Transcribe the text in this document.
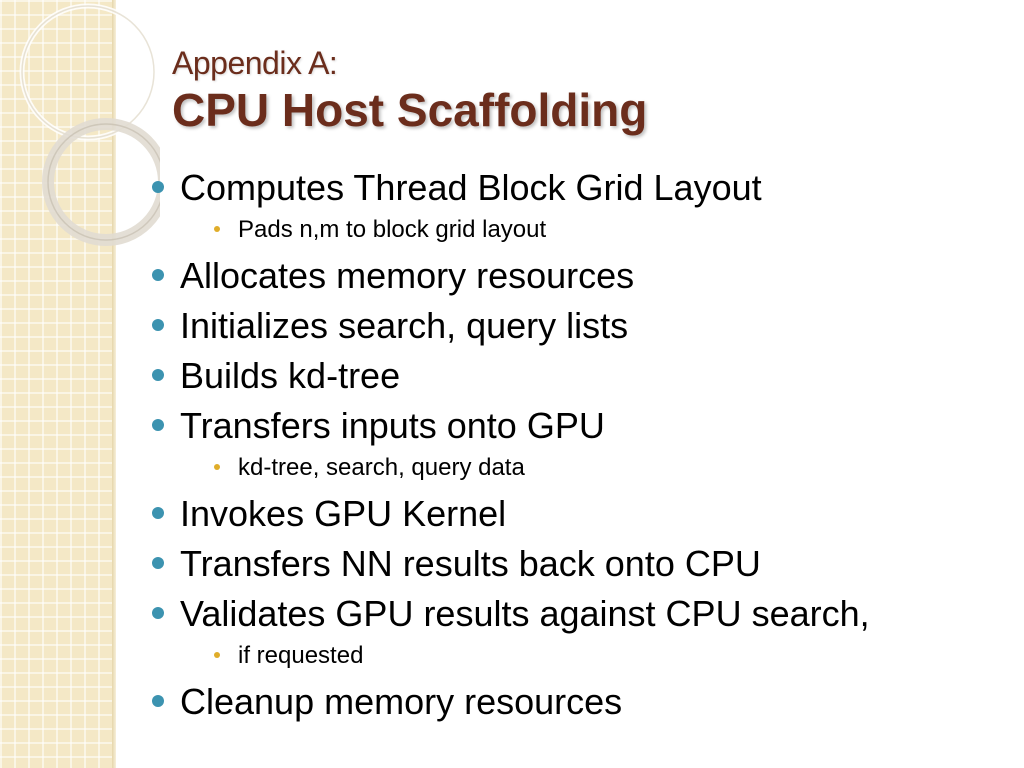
Appendix A:
CPU Host Scaffolding
Computes Thread Block Grid Layout
Pads n,m to block grid layout
Allocates memory resources
Initializes search, query lists
Builds kd-tree
Transfers inputs onto GPU
kd-tree, search, query data
Invokes GPU Kernel
Transfers NN results back onto CPU
Validates GPU results against CPU search,
if requested
Cleanup memory resources
